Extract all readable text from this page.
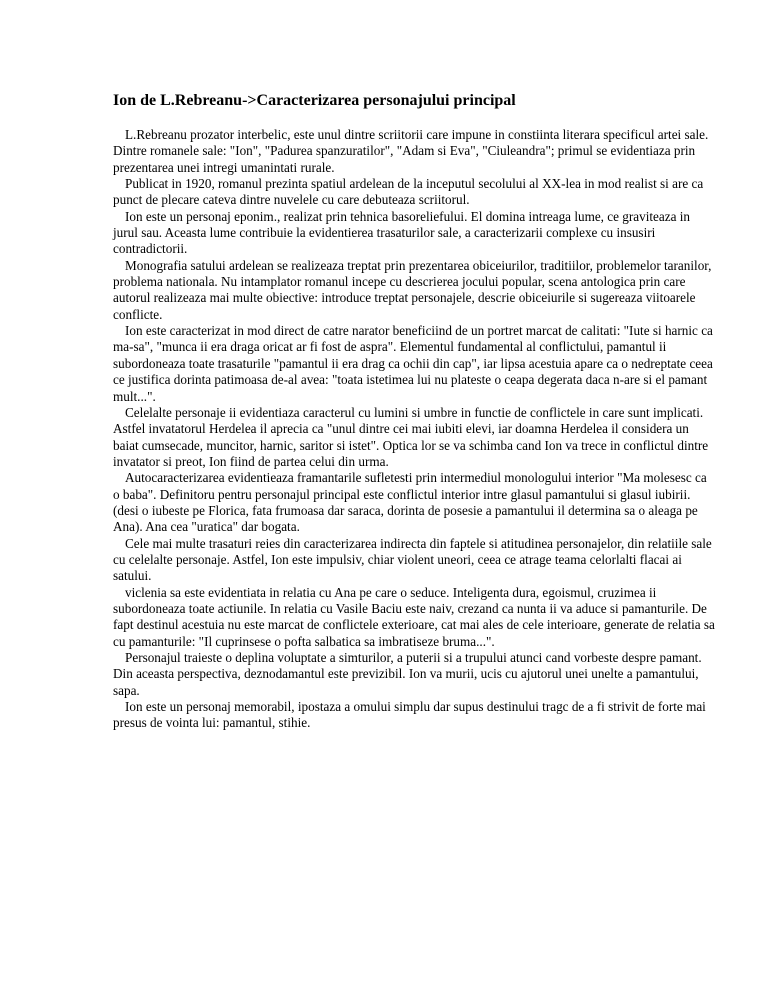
Ion de L.Rebreanu->Caracterizarea personajului principal

L.Rebreanu prozator interbelic, este unul dintre scriitorii care impune in constiinta literara specificul artei sale. Dintre romanele sale: "Ion", "Padurea spanzuratilor", "Adam si Eva", "Ciuleandra"; primul se evidentiaza prin prezentarea unei intregi umanintati rurale.

Publicat in 1920, romanul prezinta spatiul ardelean de la inceputul secolului al XX-lea in mod realist si are ca punct de plecare cateva dintre nuvelele cu care debuteaza scriitorul.

Ion este un personaj eponim., realizat prin tehnica basoreliefului. El domina intreaga lume, ce graviteaza in jurul sau. Aceasta lume contribuie la evidentierea trasaturilor sale, a caracterizarii complexe cu insusiri contradictorii.

Monografia satului ardelean se realizeaza treptat prin prezentarea obiceiurilor, traditiilor, problemelor taranilor, problema nationala. Nu intamplator romanul incepe cu descrierea jocului popular, scena antologica prin care autorul realizeaza mai multe obiective: introduce treptat personajele, descrie obiceiurile si sugereaza viitoarele conflicte.

Ion este caracterizat in mod direct de catre narator beneficiind de un portret marcat de calitati: "Iute si harnic ca ma-sa", "munca ii era draga oricat ar fi fost de aspra". Elementul fundamental al conflictului, pamantul ii subordoneaza toate trasaturile "pamantul ii era drag ca ochii din cap", iar lipsa acestuia apare ca o nedreptate ceea ce justifica dorinta patimoasa de-al avea: "toata istetimea lui nu plateste o ceapa degerata daca n-are si el pamant mult...".

Celelalte personaje ii evidentiaza caracterul cu lumini si umbre in functie de conflictele in care sunt implicati. Astfel invatatorul Herdelea il aprecia ca "unul dintre cei mai iubiti elevi, iar doamna Herdelea il considera un baiat cumsecade, muncitor, harnic, saritor si istet". Optica lor se va schimba cand Ion va trece in conflictul dintre invatator si preot, Ion fiind de partea celui din urma.

Autocaracterizarea evidentieaza framantarile sufletesti prin intermediul monologului interior "Ma molesesc ca o baba". Definitoru pentru personajul principal este conflictul interior intre glasul pamantului si glasul iubirii.(desi o iubeste pe Florica, fata frumoasa dar saraca, dorinta de posesie a pamantului il determina sa o aleaga pe Ana). Ana cea "uratica" dar bogata.

Cele mai multe trasaturi reies din caracterizarea indirecta din faptele si atitudinea personajelor, din relatiile sale cu celelalte personaje. Astfel, Ion este impulsiv, chiar violent uneori, ceea ce atrage teama celorlalti flacai ai satului.

viclenia sa este evidentiata in relatia cu Ana pe care o seduce. Inteligenta dura, egoismul, cruzimea ii subordoneaza toate actiunile. In relatia cu Vasile Baciu este naiv, crezand ca nunta ii va aduce si pamanturile. De fapt destinul acestuia nu este marcat de conflictele exterioare, cat mai ales de cele interioare, generate de relatia sa cu pamanturile: "Il cuprinsese o pofta salbatica sa imbratiseze bruma...".

Personajul traieste o deplina voluptate a simturilor, a puterii si a trupului atunci cand vorbeste despre pamant. Din aceasta perspectiva, deznodamantul este previzibil. Ion va murii, ucis cu ajutorul unei unelte a pamantului, sapa.

Ion este un personaj memorabil, ipostaza a omului simplu dar supus destinului tragc de a fi strivit de forte mai presus de vointa lui: pamantul, stihie.
